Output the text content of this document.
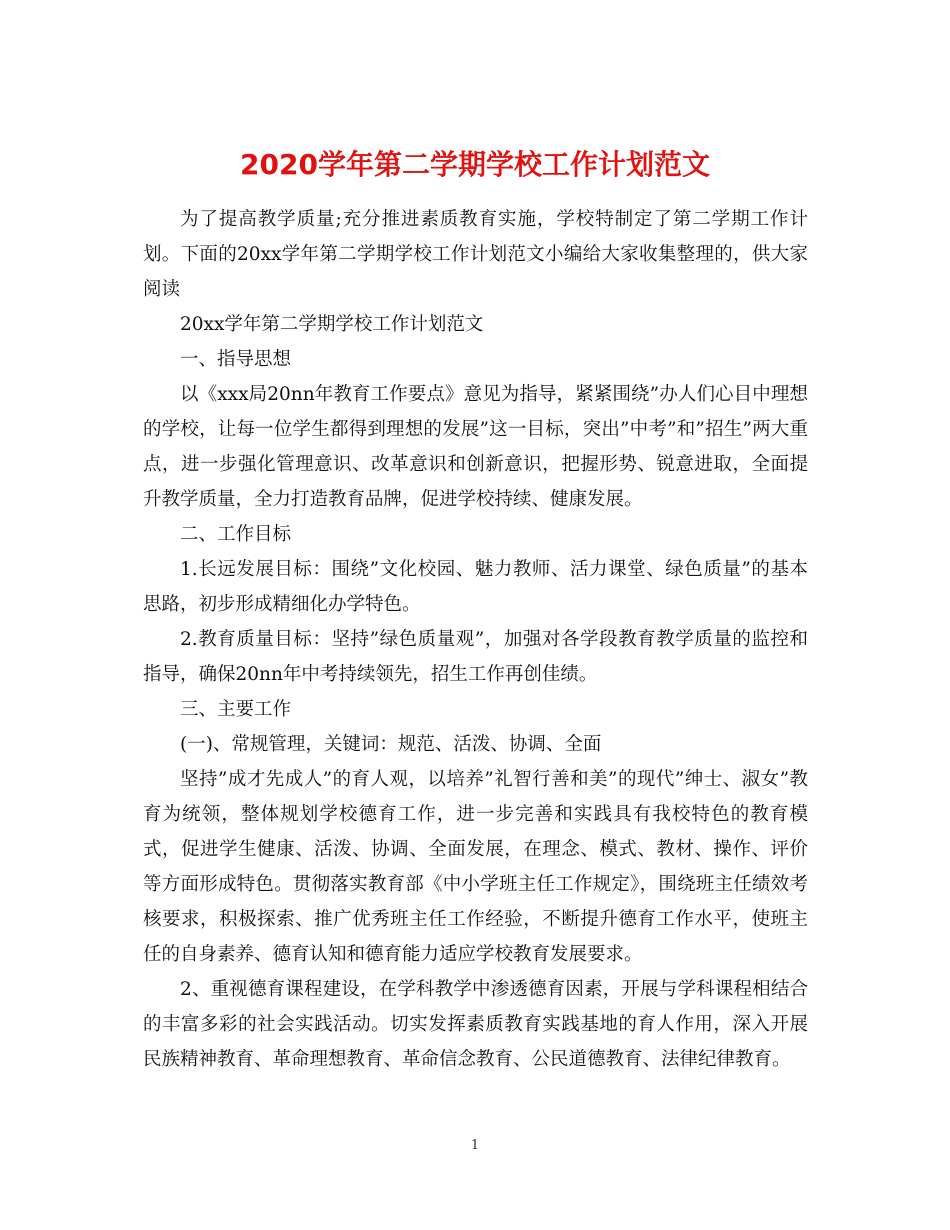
2020学年第二学期学校工作计划范文

为了提高教学质量;充分推进素质教育实施，学校特制定了第二学期工作计划。下面的20xx学年第二学期学校工作计划范文小编给大家收集整理的，供大家阅读

20xx学年第二学期学校工作计划范文

一、指导思想

以《xxx局20nn年教育工作要点》意见为指导，紧紧围绕”办人们心目中理想的学校，让每一位学生都得到理想的发展”这一目标，突出”中考”和”招生”两大重点，进一步强化管理意识、改革意识和创新意识，把握形势、锐意进取，全面提升教学质量，全力打造教育品牌，促进学校持续、健康发展。

二、工作目标

1.长远发展目标：围绕”文化校园、魅力教师、活力课堂、绿色质量”的基本思路，初步形成精细化办学特色。

2.教育质量目标：坚持”绿色质量观”，加强对各学段教育教学质量的监控和指导，确保20nn年中考持续领先，招生工作再创佳绩。

三、主要工作

(一)、常规管理，关键词：规范、活泼、协调、全面

坚持”成才先成人”的育人观，以培养”礼智行善和美”的现代”绅士、淑女”教育为统领，整体规划学校德育工作，进一步完善和实践具有我校特色的教育模式，促进学生健康、活泼、协调、全面发展，在理念、模式、教材、操作、评价等方面形成特色。贯彻落实教育部《中小学班主任工作规定》，围绕班主任绩效考核要求，积极探索、推广优秀班主任工作经验，不断提升德育工作水平，使班主任的自身素养、德育认知和德育能力适应学校教育发展要求。

2、重视德育课程建设，在学科教学中渗透德育因素，开展与学科课程相结合的丰富多彩的社会实践活动。切实发挥素质教育实践基地的育人作用，深入开展民族精神教育、革命理想教育、革命信念教育、公民道德教育、法律纪律教育。

1
